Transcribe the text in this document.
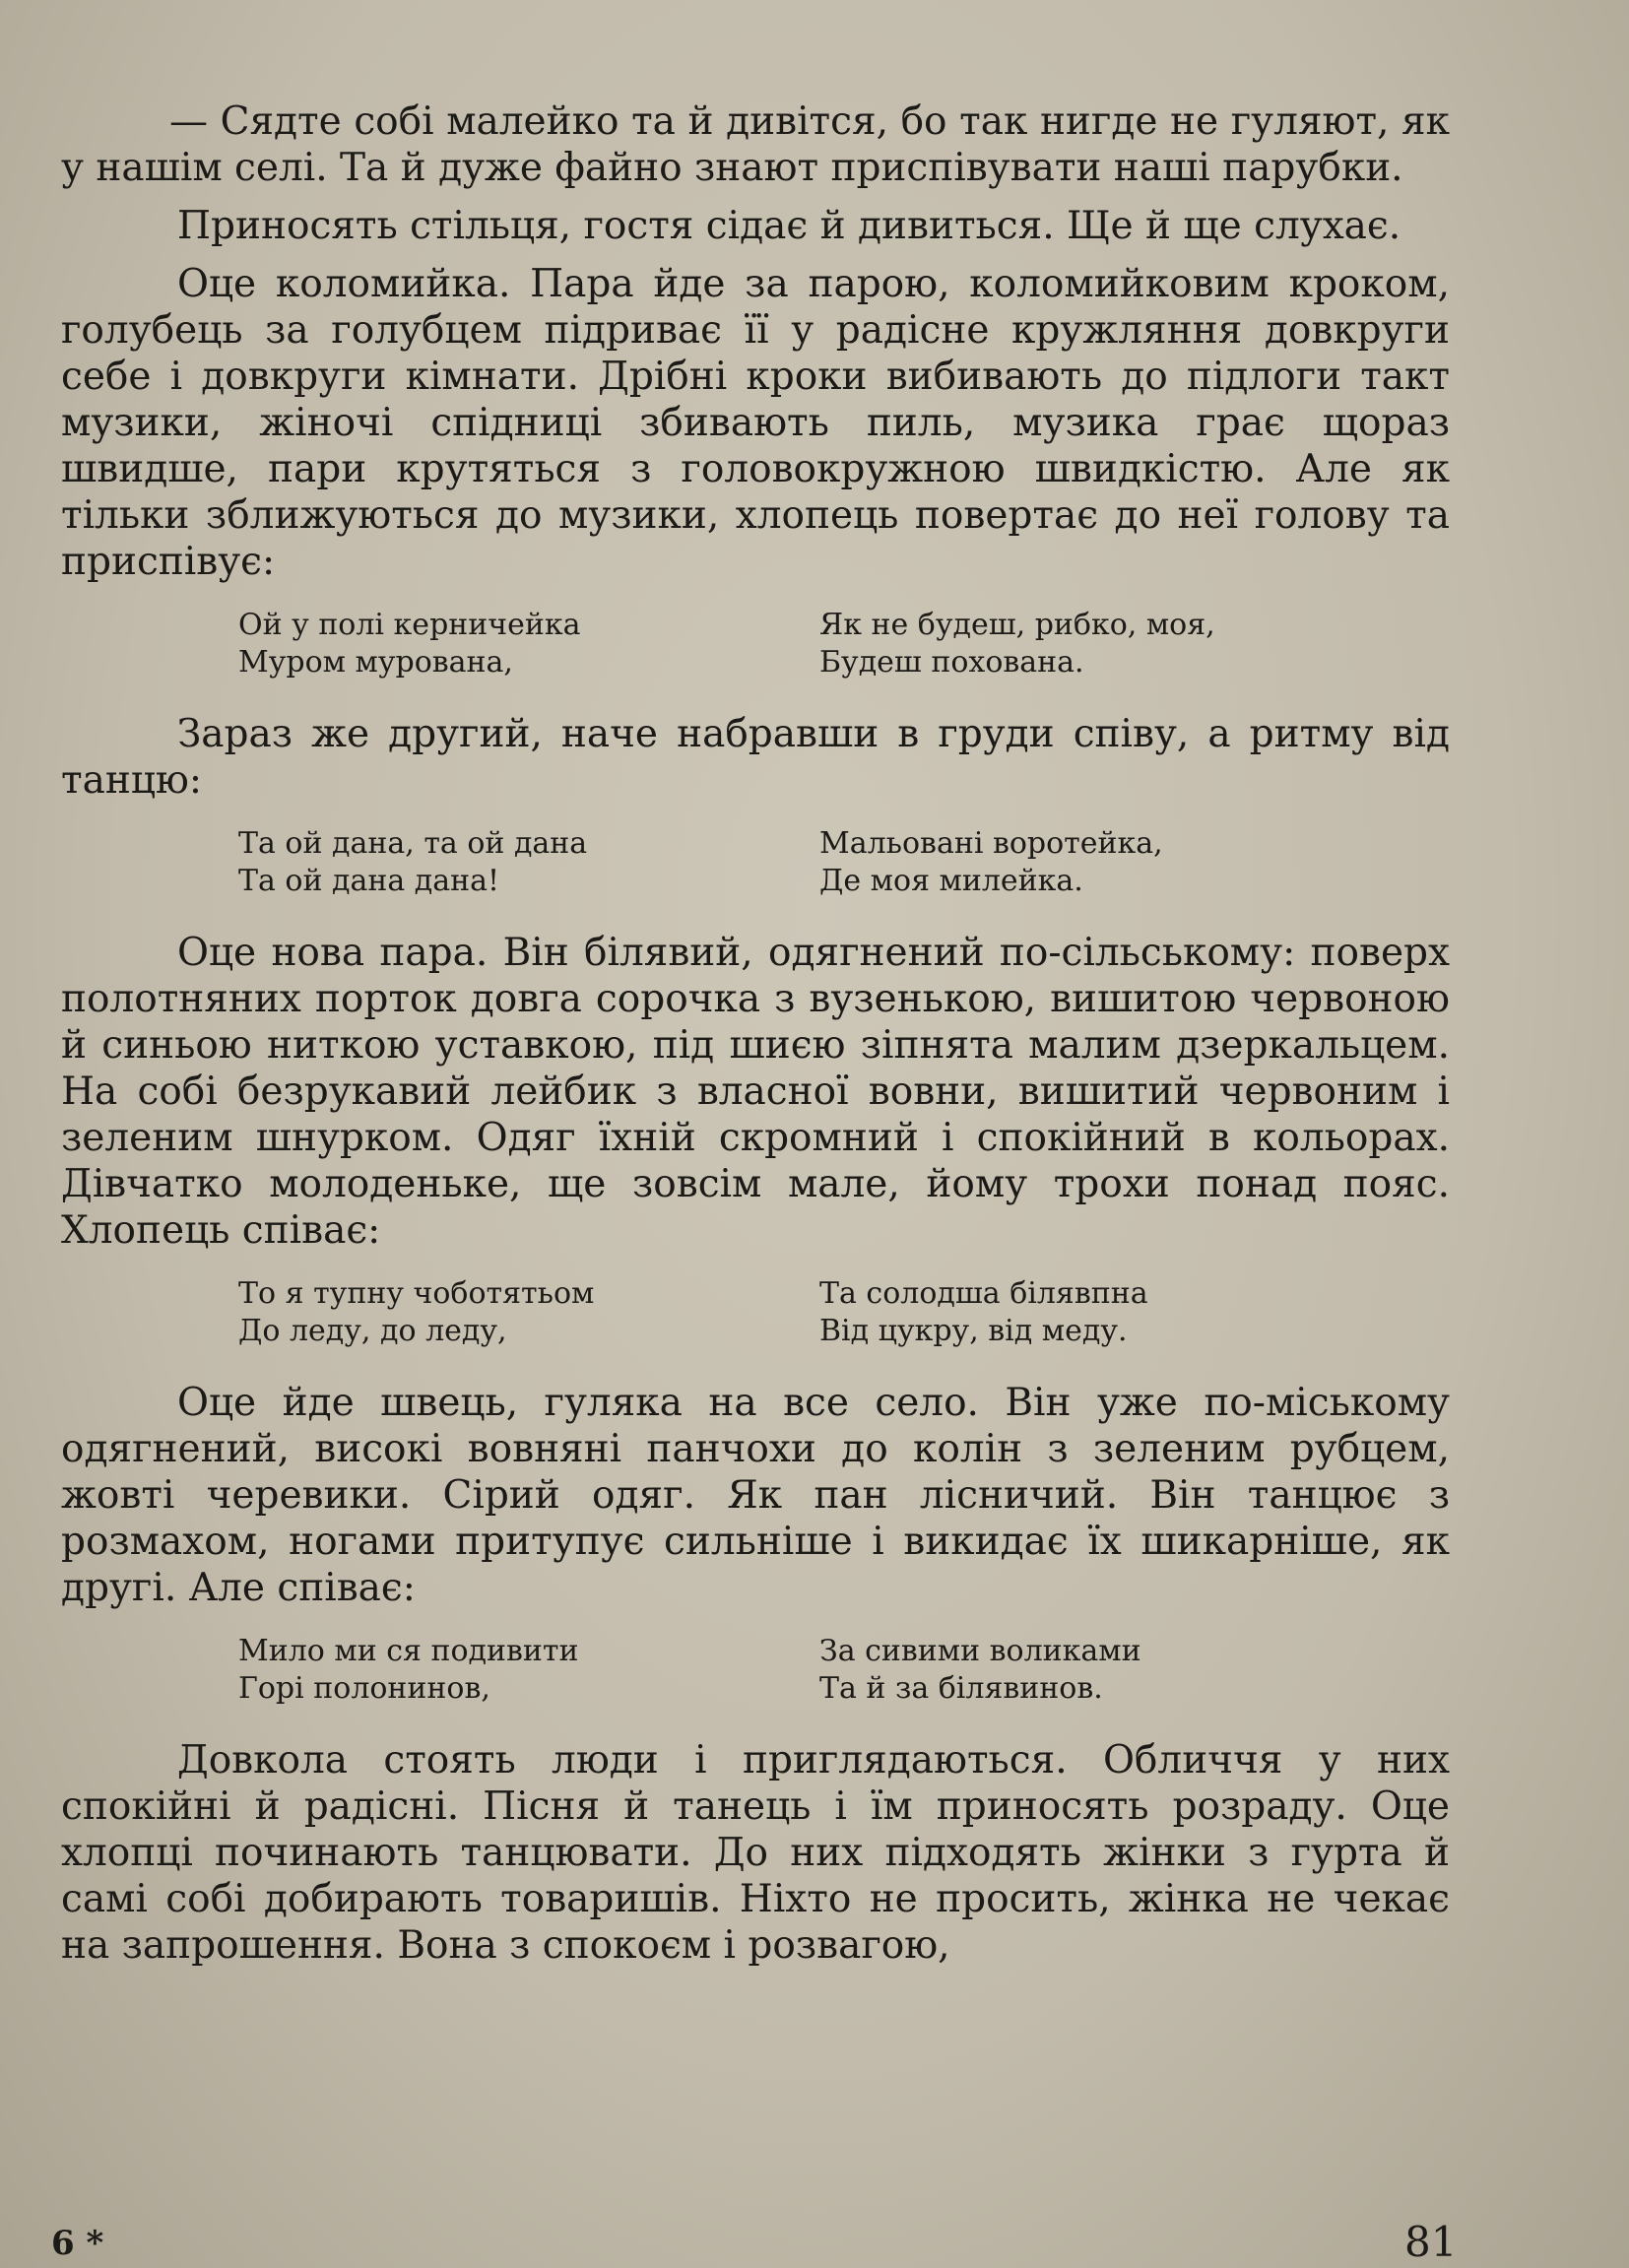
— Сядте собі малейко та й дивітся, бо так нигде не гуляют, як у нашім селі. Та й дуже файно знают приспівувати наші парубки.

Приносять стільця, гостя сідає й дивиться. Ще й ще слухає.

Оце коломийка. Пара йде за парою, коломийковим кроком, голубець за голубцем підриває її у радісне кружляння довкруги себе і довкруги кімнати. Дрібні кроки вибивають до підлоги такт музики, жіночі спідниці збивають пиль, музика грає щораз швидше, пари крутяться з головокружною швидкістю. Але як тільки зближуються до музики, хлопець повертає до неї голову та приспівує:

Ой у полі керничейка
Муром мурована,
Як не будеш, рибко, моя,
Будеш похована.

Зараз же другий, наче набравши в груди співу, а ритму від танцю:

Та ой дана, та ой дана
Та ой дана дана!
Мальовані воротейка,
Де моя милейка.

Оце нова пара. Він білявий, одягнений по-сільському: поверх полотняних порток довга сорочка з вузенькою, вишитою червоною й синьою ниткою уставкою, під шиєю зіпнята малим дзеркальцем. На собі безрукавий лейбик з власної вовни, вишитий червоним і зеленим шнурком. Одяг їхній скромний і спокійний в кольорах. Дівчатко молоденьке, ще зовсім мале, йому трохи понад пояс. Хлопець співає:

То я тупну чоботятьом
До леду, до леду,
Та солодша білявпна
Від цукру, від меду.

Оце йде швець, гуляка на все село. Він уже по-міському одягнений, високі вовняні панчохи до колін з зеленим рубцем, жовті черевики. Сірий одяг. Як пан лісничий. Він танцює з розмахом, ногами притупує сильніше і викидає їх шикарніше, як другі. Але співає:

Мило ми ся подивити
Горі полонинов,
За сивими воликами
Та й за білявинов.

Довкола стоять люди і приглядаються. Обличчя у них спокійні й радісні. Пісня й танець і їм приносять розраду. Оце хлопці починають танцювати. До них підходять жінки з гурта й самі собі добирають товаришів. Ніхто не просить, жінка не чекає на запрошення. Вона з спокоєм і розвагою,

6 *	81
